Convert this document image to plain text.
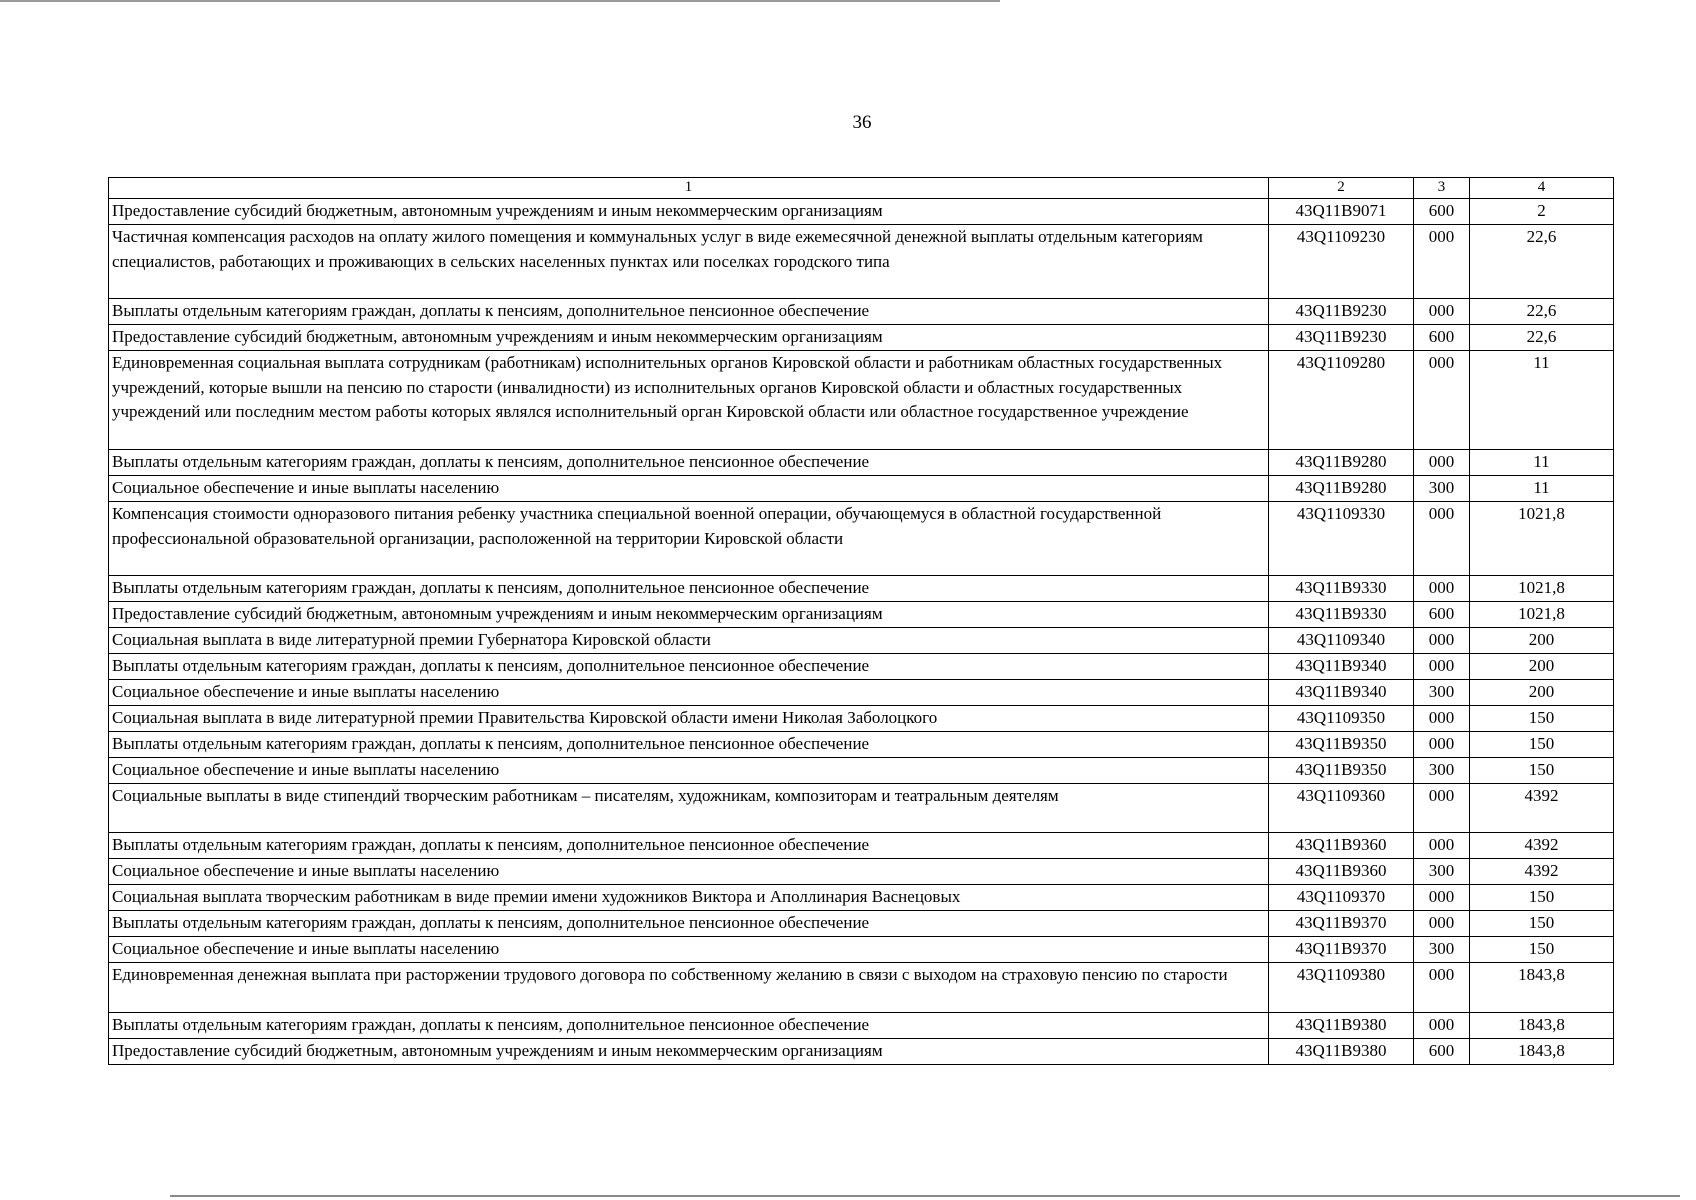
36
1	2	3	4
Предоставление субсидий бюджетным, автономным учреждениям и иным некоммерческим организациям	43Q11B9071	600	2
Частичная компенсация расходов на оплату жилого помещения и коммунальных услуг в виде ежемесячной денежной выплаты отдельным категориям специалистов, работающих и проживающих в сельских населенных пунктах или поселках городского типа	43Q1109230	000	22,6
Выплаты отдельным категориям граждан, доплаты к пенсиям, дополнительное пенсионное обеспечение	43Q11B9230	000	22,6
Предоставление субсидий бюджетным, автономным учреждениям и иным некоммерческим организациям	43Q11B9230	600	22,6
Единовременная социальная выплата сотрудникам (работникам) исполнительных органов Кировской области и работникам областных государственных учреждений, которые вышли на пенсию по старости (инвалидности) из исполнительных органов Кировской области и областных государственных учреждений или последним местом работы которых являлся исполнительный орган Кировской области или областное государственное учреждение	43Q1109280	000	11
Выплаты отдельным категориям граждан, доплаты к пенсиям, дополнительное пенсионное обеспечение	43Q11B9280	000	11
Социальное обеспечение и иные выплаты населению	43Q11B9280	300	11
Компенсация стоимости одноразового питания ребенку участника специальной военной операции, обучающемуся в областной государственной профессиональной образовательной организации, расположенной на территории Кировской области	43Q1109330	000	1021,8
Выплаты отдельным категориям граждан, доплаты к пенсиям, дополнительное пенсионное обеспечение	43Q11B9330	000	1021,8
Предоставление субсидий бюджетным, автономным учреждениям и иным некоммерческим организациям	43Q11B9330	600	1021,8
Социальная выплата в виде литературной премии Губернатора Кировской области	43Q1109340	000	200
Выплаты отдельным категориям граждан, доплаты к пенсиям, дополнительное пенсионное обеспечение	43Q11B9340	000	200
Социальное обеспечение и иные выплаты населению	43Q11B9340	300	200
Социальная выплата в виде литературной премии Правительства Кировской области имени Николая Заболоцкого	43Q1109350	000	150
Выплаты отдельным категориям граждан, доплаты к пенсиям, дополнительное пенсионное обеспечение	43Q11B9350	000	150
Социальное обеспечение и иные выплаты населению	43Q11B9350	300	150
Социальные выплаты в виде стипендий творческим работникам – писателям, художникам, композиторам и театральным деятелям	43Q1109360	000	4392
Выплаты отдельным категориям граждан, доплаты к пенсиям, дополнительное пенсионное обеспечение	43Q11B9360	000	4392
Социальное обеспечение и иные выплаты населению	43Q11B9360	300	4392
Социальная выплата творческим работникам в виде премии имени художников Виктора и Аполлинария Васнецовых	43Q1109370	000	150
Выплаты отдельным категориям граждан, доплаты к пенсиям, дополнительное пенсионное обеспечение	43Q11B9370	000	150
Социальное обеспечение и иные выплаты населению	43Q11B9370	300	150
Единовременная денежная выплата при расторжении трудового договора по собственному желанию в связи с выходом на страховую пенсию по старости	43Q1109380	000	1843,8
Выплаты отдельным категориям граждан, доплаты к пенсиям, дополнительное пенсионное обеспечение	43Q11B9380	000	1843,8
Предоставление субсидий бюджетным, автономным учреждениям и иным некоммерческим организациям	43Q11B9380	600	1843,8
